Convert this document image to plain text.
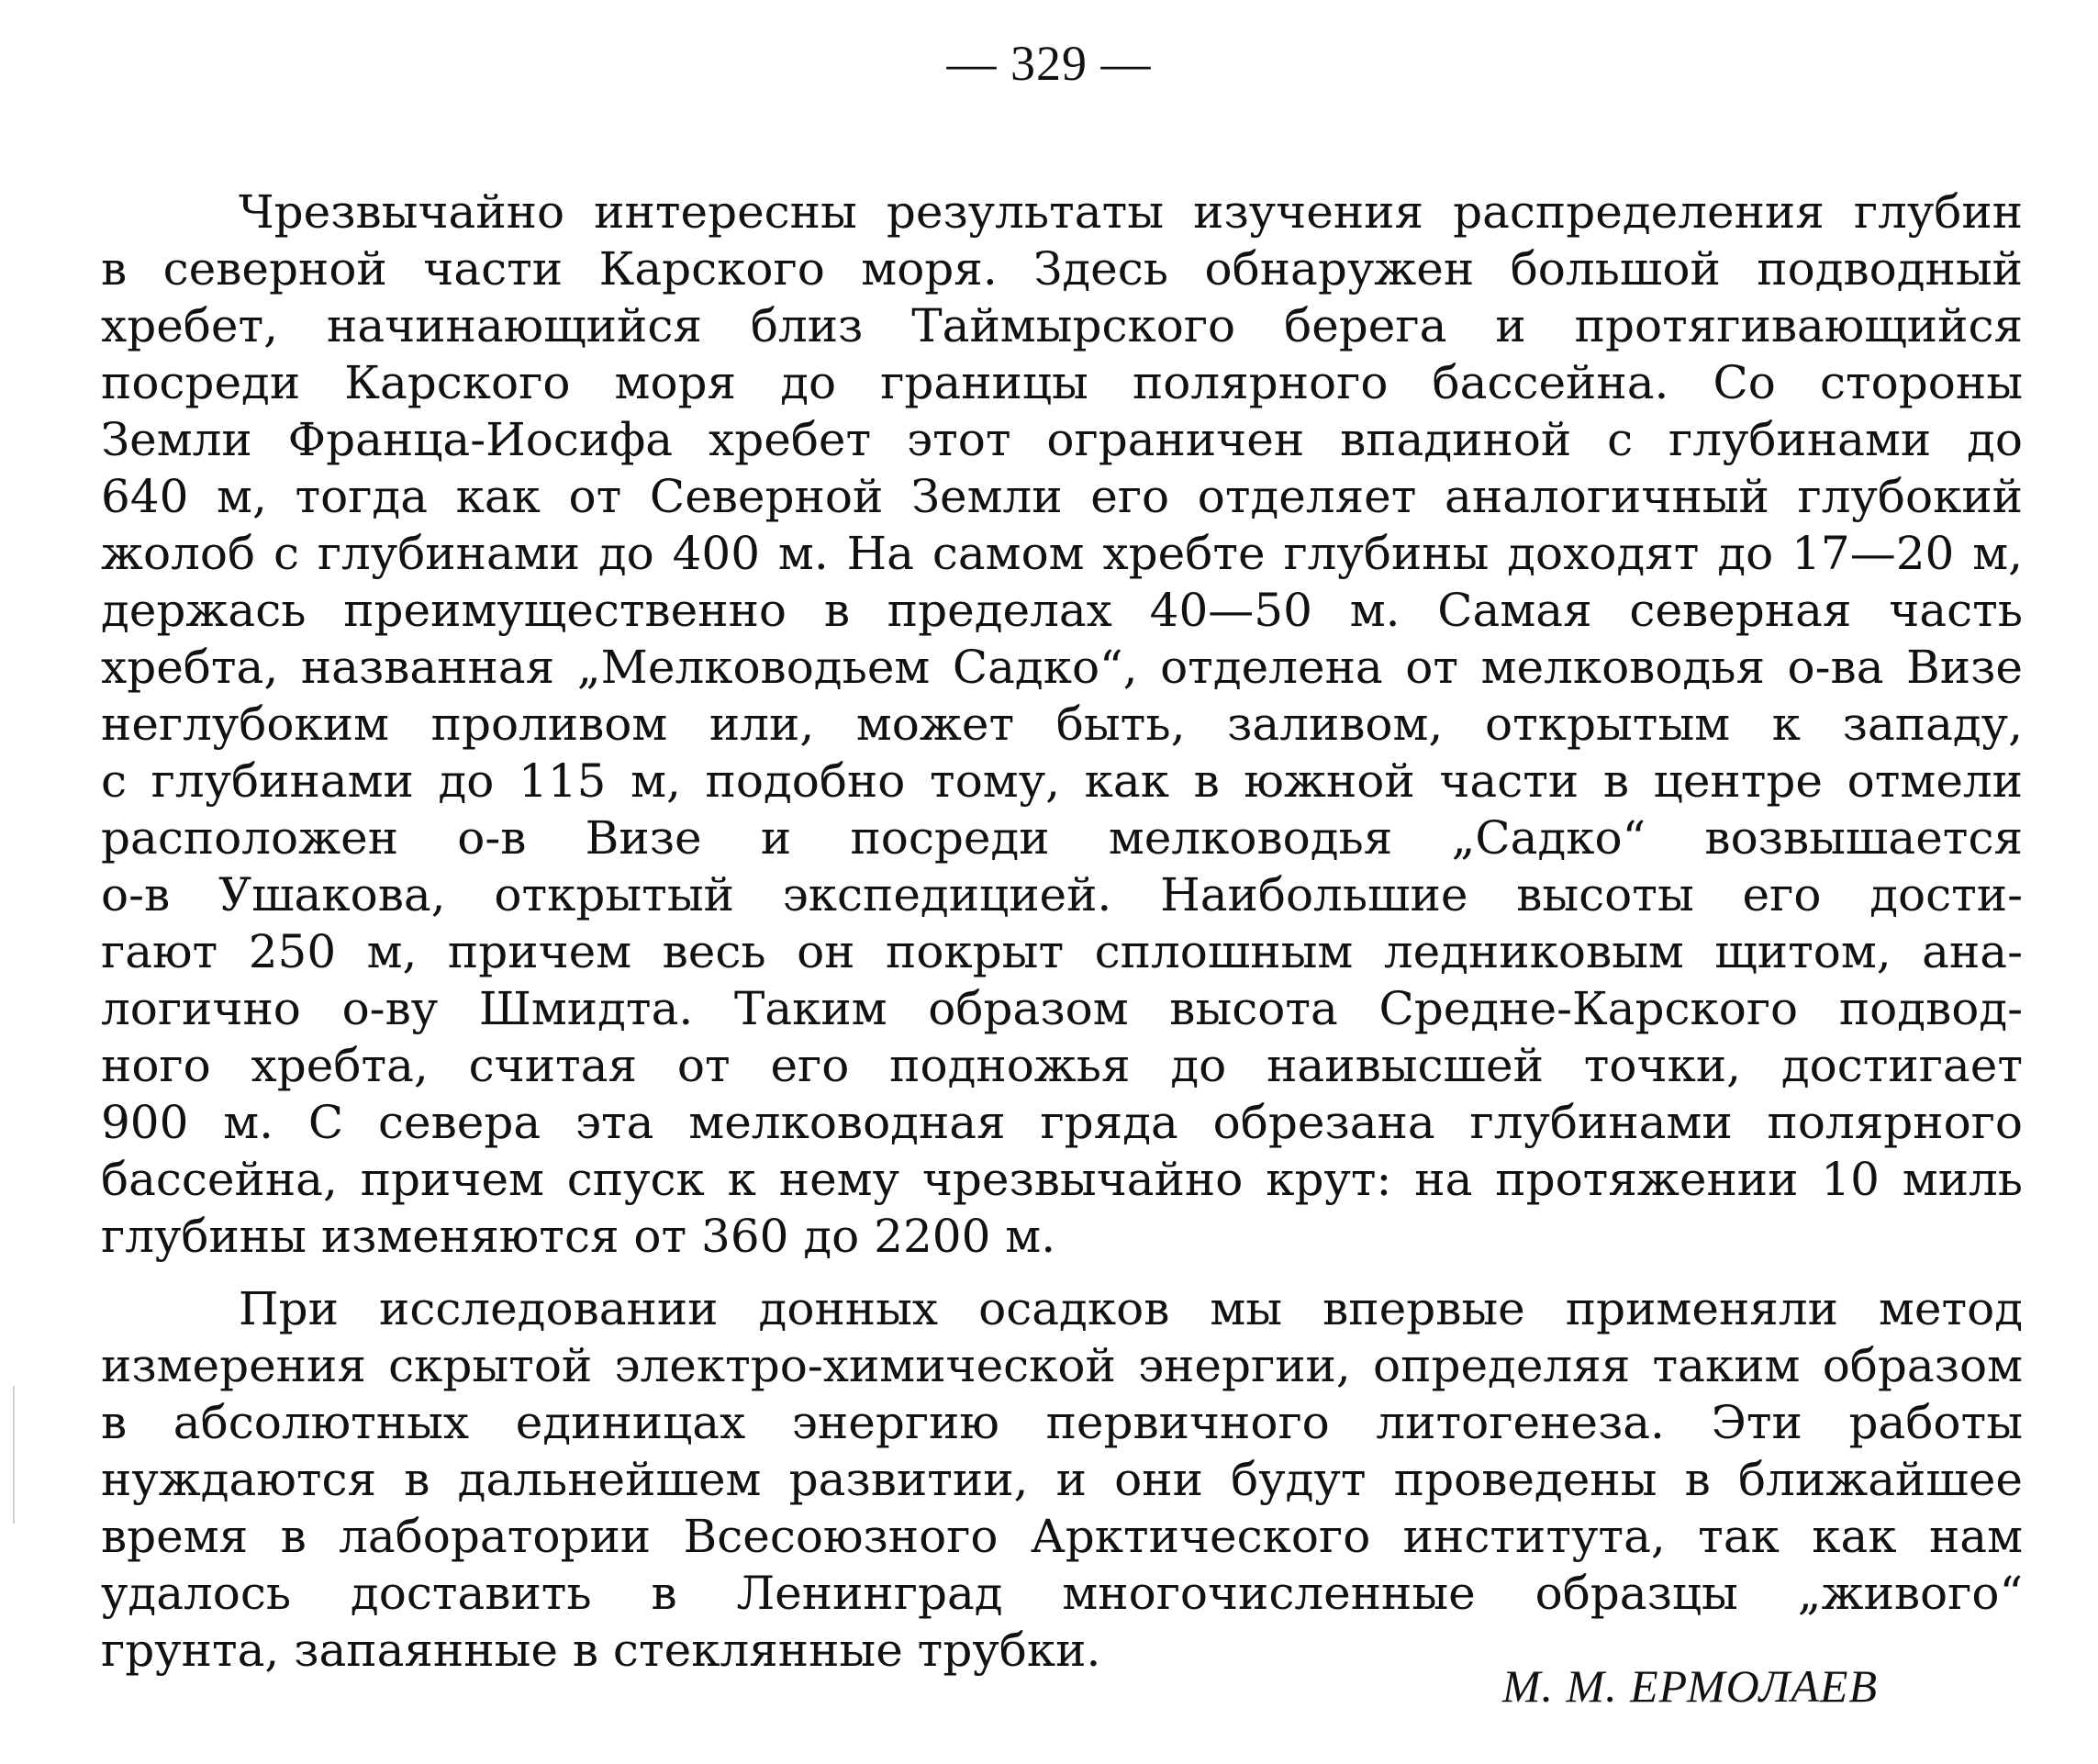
— 329 —
Чрезвычайно интересны результаты изучения распределения глубин
в северной части Карского моря. Здесь обнаружен большой подводный
хребет, начинающийся близ Таймырского берега и протягивающийся
посреди Карского моря до границы полярного бассейна. Со стороны
Земли Франца-Иосифа хребет этот ограничен впадиной с глубинами до
640 м, тогда как от Северной Земли его отделяет аналогичный глубокий
жолоб с глубинами до 400 м. На самом хребте глубины доходят до 17—20 м,
держась преимущественно в пределах 40—50 м. Самая северная часть
хребта, названная „Мелководьем Садко“, отделена от мелководья о-ва Визе
неглубоким проливом или, может быть, заливом, открытым к западу,
с глубинами до 115 м, подобно тому, как в южной части в центре отмели
расположен о-в Визе и посреди мелководья „Садко“ возвышается
о-в Ушакова, открытый экспедицией. Наибольшие высоты его дости-
гают 250 м, причем весь он покрыт сплошным ледниковым щитом, ана-
логично о-ву Шмидта. Таким образом высота Средне-Карского подвод-
ного хребта, считая от его подножья до наивысшей точки, достигает
900 м. С севера эта мелководная гряда обрезана глубинами полярного
бассейна, причем спуск к нему чрезвычайно крут: на протяжении 10 миль
глубины изменяются от 360 до 2200 м.
При исследовании донных осадков мы впервые применяли метод
измерения скрытой электро-химической энергии, определяя таким образом
в абсолютных единицах энергию первичного литогенеза. Эти работы
нуждаются в дальнейшем развитии, и они будут проведены в ближайшее
время в лаборатории Всесоюзного Арктического института, так как нам
удалось доставить в Ленинград многочисленные образцы „живого“
грунта, запаянные в стеклянные трубки.
М. М. ЕРМОЛАЕВ
